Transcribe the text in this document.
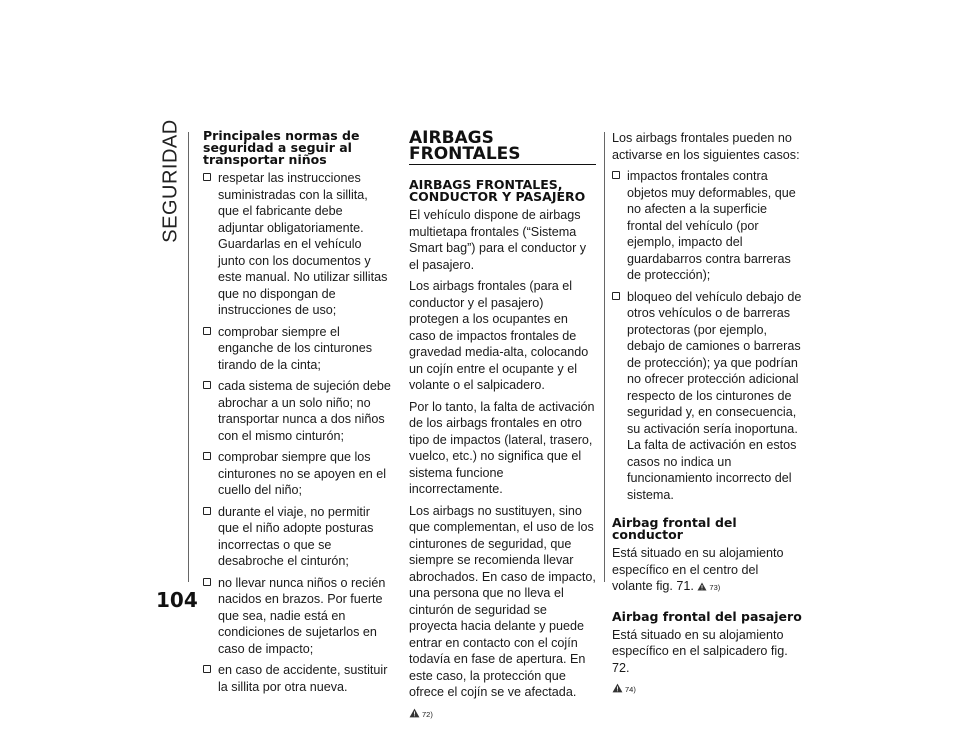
SEGURIDAD
104
Principales normas de seguridad a seguir al transportar niños
respetar las instrucciones suministradas con la sillita, que el fabricante debe adjuntar obligatoriamente. Guardarlas en el vehículo junto con los documentos y este manual. No utilizar sillitas que no dispongan de instrucciones de uso;
comprobar siempre el enganche de los cinturones tirando de la cinta;
cada sistema de sujeción debe abrochar a un solo niño; no transportar nunca a dos niños con el mismo cinturón;
comprobar siempre que los cinturones no se apoyen en el cuello del niño;
durante el viaje, no permitir que el niño adopte posturas incorrectas o que se desabroche el cinturón;
no llevar nunca niños o recién nacidos en brazos. Por fuerte que sea, nadie está en condiciones de sujetarlos en caso de impacto;
en caso de accidente, sustituir la sillita por otra nueva.
AIRBAGS FRONTALES
AIRBAGS FRONTALES, CONDUCTOR Y PASAJERO

El vehículo dispone de airbags multietapa frontales (“Sistema Smart bag”) para el conductor y el pasajero.

Los airbags frontales (para el conductor y el pasajero) protegen a los ocupantes en caso de impactos frontales de gravedad media-alta, colocando un cojín entre el ocupante y el volante o el salpicadero.

Por lo tanto, la falta de activación de los airbags frontales en otro tipo de impactos (lateral, trasero, vuelco, etc.) no significa que el sistema funcione incorrectamente.

Los airbags no sustituyen, sino que complementan, el uso de los cinturones de seguridad, que siempre se recomienda llevar abrochados. En caso de impacto, una persona que no lleva el cinturón de seguridad se proyecta hacia delante y puede entrar en contacto con el cojín todavía en fase de apertura. En este caso, la protección que ofrece el cojín se ve afectada.

72)

Los airbags frontales pueden no activarse en los siguientes casos:

impactos frontales contra objetos muy deformables, que no afecten a la superficie frontal del vehículo (por ejemplo, impacto del guardabarros contra barreras de protección);
bloqueo del vehículo debajo de otros vehículos o de barreras protectoras (por ejemplo, debajo de camiones o barreras de protección); ya que podrían no ofrecer protección adicional respecto de los cinturones de seguridad y, en consecuencia, su activación sería inoportuna. La falta de activación en estos casos no indica un funcionamiento incorrecto del sistema.
Airbag frontal del conductor

Está situado en su alojamiento específico en el centro del volante fig. 71. 73)

Airbag frontal del pasajero

Está situado en su alojamiento específico en el salpicadero fig. 72.

74)
